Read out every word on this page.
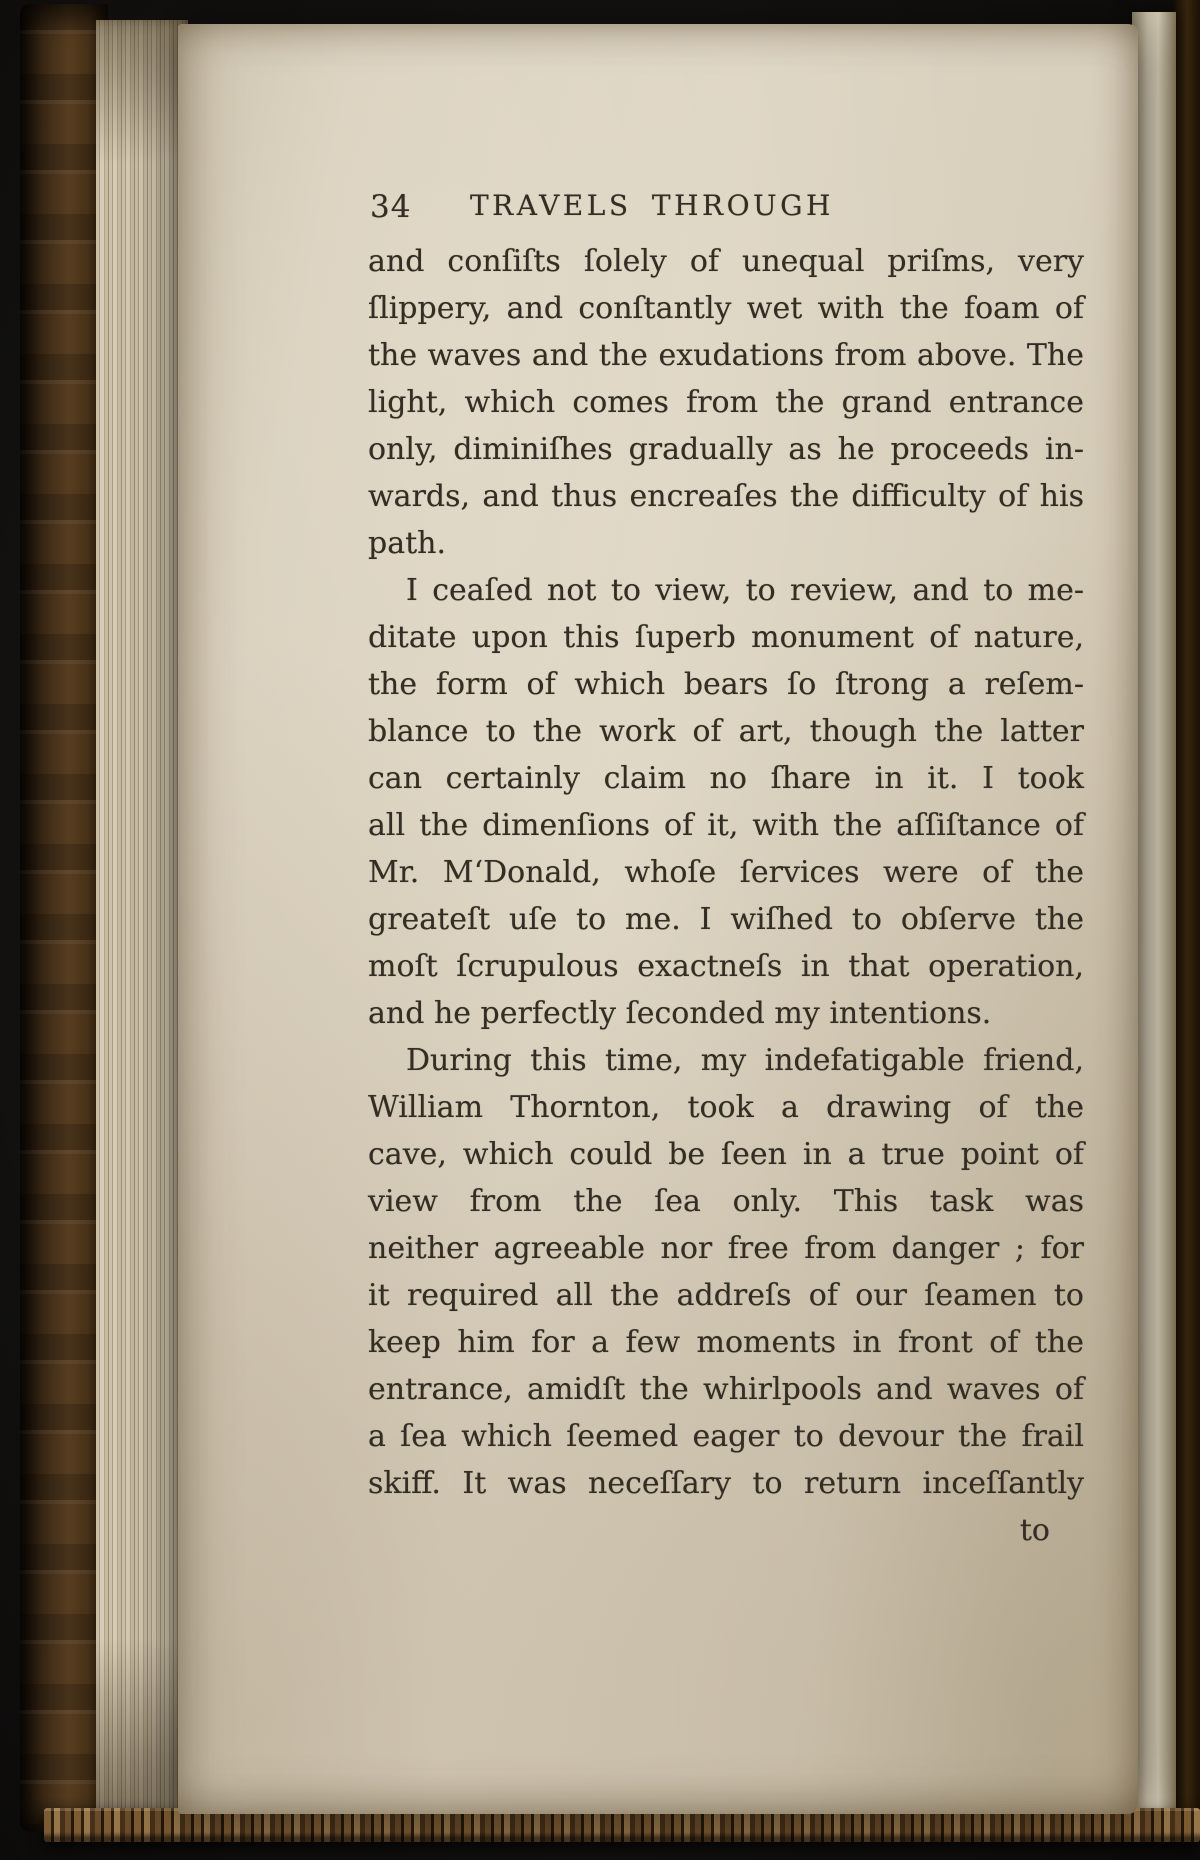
34 TRAVELS THROUGH
and conſiſts ſolely of unequal priſms, very
ſlippery, and conſtantly wet with the foam of
the waves and the exudations from above. The
light, which comes from the grand entrance
only, diminiſhes gradually as he proceeds in-
wards, and thus encreaſes the difficulty of his
path.
I ceaſed not to view, to review, and to me-
ditate upon this ſuperb monument of nature,
the form of which bears ſo ſtrong a reſem-
blance to the work of art, though the latter
can certainly claim no ſhare in it. I took
all the dimenſions of it, with the aſſiſtance of
Mr. M‘Donald, whoſe ſervices were of the
greateſt uſe to me. I wiſhed to obſerve the
moſt ſcrupulous exactneſs in that operation,
and he perfectly ſeconded my intentions.
During this time, my indefatigable friend,
William Thornton, took a drawing of the
cave, which could be ſeen in a true point of
view from the ſea only. This task was
neither agreeable nor free from danger ; for
it required all the addreſs of our ſeamen to
keep him for a few moments in front of the
entrance, amidſt the whirlpools and waves of
a ſea which ſeemed eager to devour the frail
skiff. It was neceſſary to return inceſſantly
to
